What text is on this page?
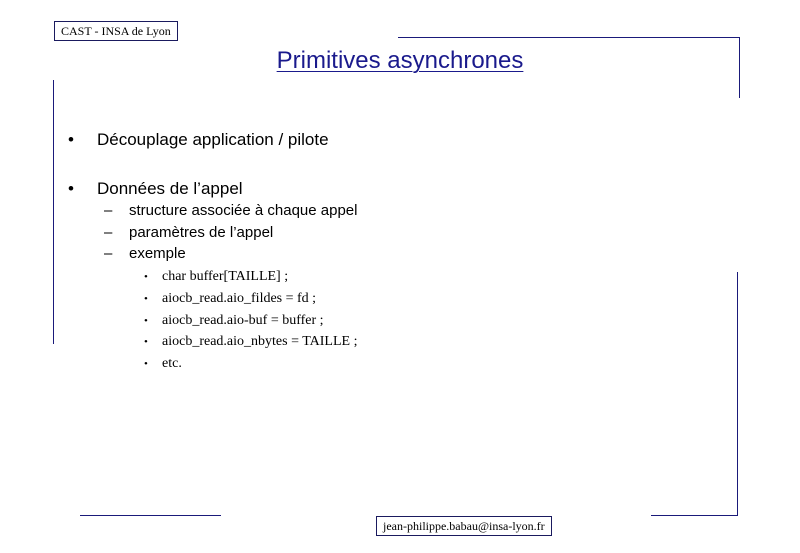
CAST - INSA de Lyon
Primitives asynchrones
• Découplage application / pilote
• Données de l’appel
– structure associée à chaque appel
– paramètres de l’appel
– exemple
• char buffer[TAILLE] ;
• aiocb_read.aio_fildes = fd ;
• aiocb_read.aio-buf = buffer ;
• aiocb_read.aio_nbytes = TAILLE ;
• etc.
jean-philippe.babau@insa-lyon.fr
